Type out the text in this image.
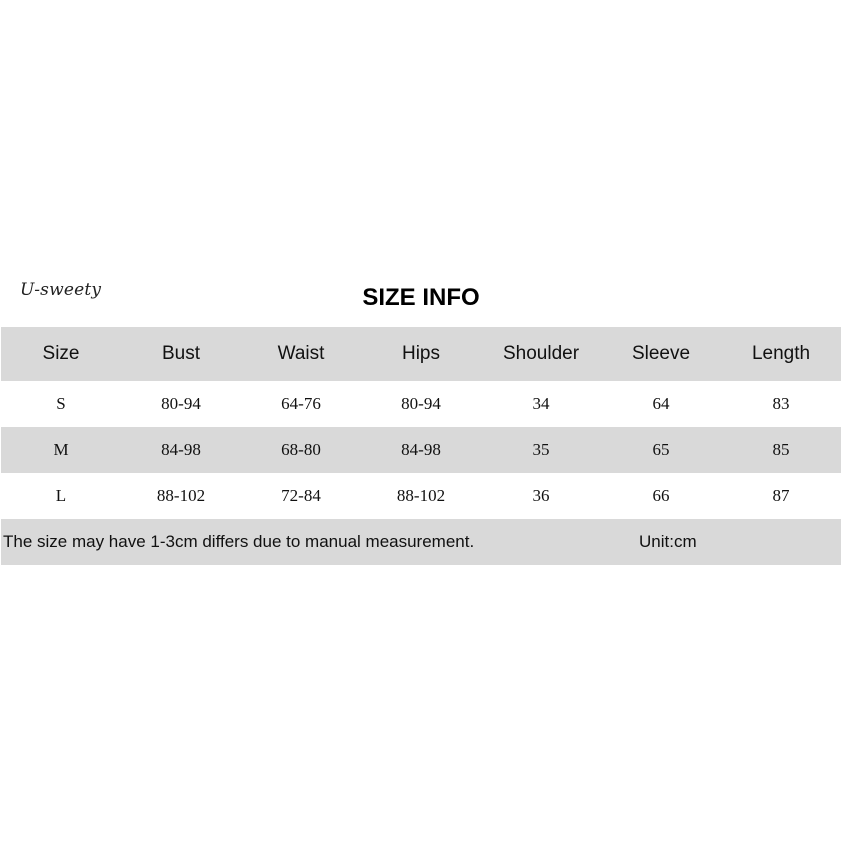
U-sweety	SIZE INFO
Size	Bust	Waist	Hips	Shoulder	Sleeve	Length
S	80-94	64-76	80-94	34	64	83
M	84-98	68-80	84-98	35	65	85
L	88-102	72-84	88-102	36	66	87
The size may have 1-3cm differs due to manual measurement.					Unit:cm	
